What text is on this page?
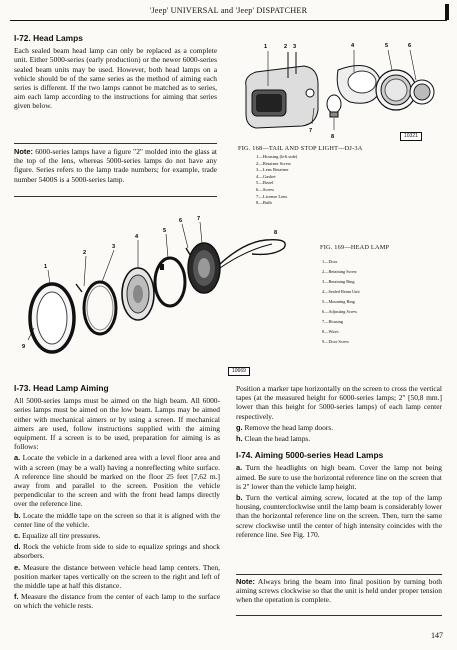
'Jeep' UNIVERSAL and 'Jeep' DISPATCHER
I-72. Head Lamps

Each sealed beam head lamp can only be replaced as a complete unit. Either 5000-series (early production) or the newer 6000-series sealed beam units may be used. However, both head lamps on a vehicle should be of the same series as the method of aiming each series is different. If the two lamps cannot be matched as to series, aim each lamp according to the instructions for aiming that series given below.

Note: 6000-series lamps have a figure "2" molded into the glass at the top of the lens, whereas 5000-series lamps do not have any figure. Series refers to the lamp trade numbers; for example, trade number 5400S is a 5000-series lamp.

1	2 3	4	5	6
7
8	10321
FIG. 168—TAIL AND STOP LIGHT—DJ-3A
1—Housing (left side)
2—Retainer Screw
3—Lens Retainer
4—Gasket
5—Bezel
6—Screw
7—License Lens
8—Bulb
1
2
3
4
5
6	7
8
9
10669
FIG. 169—HEAD LAMP
1—Door
2—Retaining Screw
3—Retaining Ring
4—Sealed Beam Unit
5—Mounting Ring
6—Adjusting Screw
7—Housing
8—Wires
9—Door Screw
I-73. Head Lamp Aiming

All 5000-series lamps must be aimed on the high beam. All 6000-series lamps must be aimed on the low beam. Lamps may be aimed either with mechanical aimers or by using a screen. If mechanical aimers are used, follow instructions supplied with the aiming equipment. If a screen is to be used, preparation for aiming is as follows:

a. Locate the vehicle in a darkened area with a level floor area and with a screen (may be a wall) having a nonreflecting white surface. A reference line should be marked on the floor 25 feet [7,62 m.] away from and parallel to the screen. Position the vehicle perpendicular to the screen and with the front head lamps directly over the reference line.

b. Locate the middle tape on the screen so that it is aligned with the center line of the vehicle.

c. Equalize all tire pressures.

d. Rock the vehicle from side to side to equalize springs and shock absorbers.

e. Measure the distance between vehicle head lamp centers. Then, position marker tapes vertically on the screen to the right and left of the middle tape at half this distance.

f. Measure the distance from the center of each lamp to the surface on which the vehicle rests.

Position a marker tape horizontally on the screen to cross the vertical tapes (at the measured height for 6000-series lamps; 2" [50,8 mm.] lower than this height for 5000-series lamps) of each lamp center respectively.

g. Remove the head lamp doors.

h. Clean the head lamps.

I-74. Aiming 5000-series Head Lamps

a. Turn the headlights on high beam. Cover the lamp not being aimed. Be sure to use the horizontal reference line on the screen that is 2" lower than the vehicle lamp height.

b. Turn the vertical aiming screw, located at the top of the lamp housing, counterclockwise until the lamp beam is considerably lower than the horizontal reference line on the screen. Then, turn the same screw clockwise until the center of high intensity coincides with the reference line. See Fig. 170.

Note: Always bring the beam into final position by turning both aiming screws clockwise so that the unit is held under proper tension when the operation is complete.

147
